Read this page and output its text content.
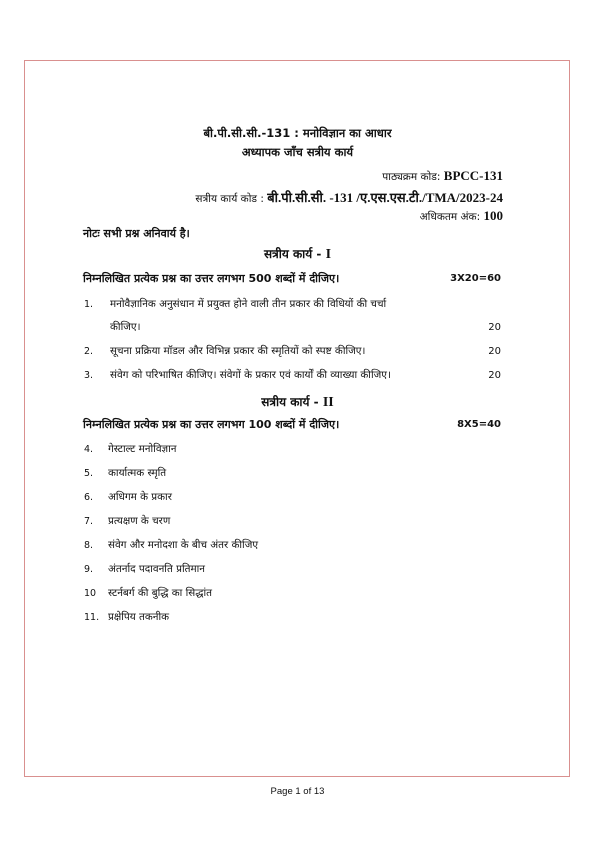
बी.पी.सी.सी.-131 : मनोविज्ञान का आधार
अध्यापक जाँच सत्रीय कार्य
पाठ्यक्रम कोड: BPCC-131
सत्रीय कार्य कोड : बी.पी.सी.सी. -131 /ए.एस.एस.टी./TMA/2023-24
अधिकतम अंक: 100
नोटः सभी प्रश्न अनिवार्य है।
सत्रीय कार्य - I
निम्नलिखित प्रत्येक प्रश्न का उत्तर लगभग 500 शब्दों में दीजिए।	3X20=60
1. मनोवैज्ञानिक अनुसंधान में प्रयुक्त होने वाली तीन प्रकार की विधियों की चर्चा
कीजिए।	20
2. सूचना प्रक्रिया मॉडल और विभिन्न प्रकार की स्मृतियों को स्पष्ट कीजिए।	20
3. संवेग को परिभाषित कीजिए। संवेगों के प्रकार एवं कार्यों की व्याख्या कीजिए।	20
सत्रीय कार्य - II
निम्नलिखित प्रत्येक प्रश्न का उत्तर लगभग 100 शब्दों में दीजिए।	8X5=40
4. गेस्टाल्ट मनोविज्ञान
5. कार्यात्मक स्मृति
6. अधिगम के प्रकार
7. प्रत्यक्षण के चरण
8. संवेग और मनोदशा के बीच अंतर कीजिए
9. अंतर्नाद पदावनति प्रतिमान
10 स्टर्नबर्ग की बुद्धि का सिद्धांत
11. प्रक्षेपिय तकनीक
Page 1 of 13
